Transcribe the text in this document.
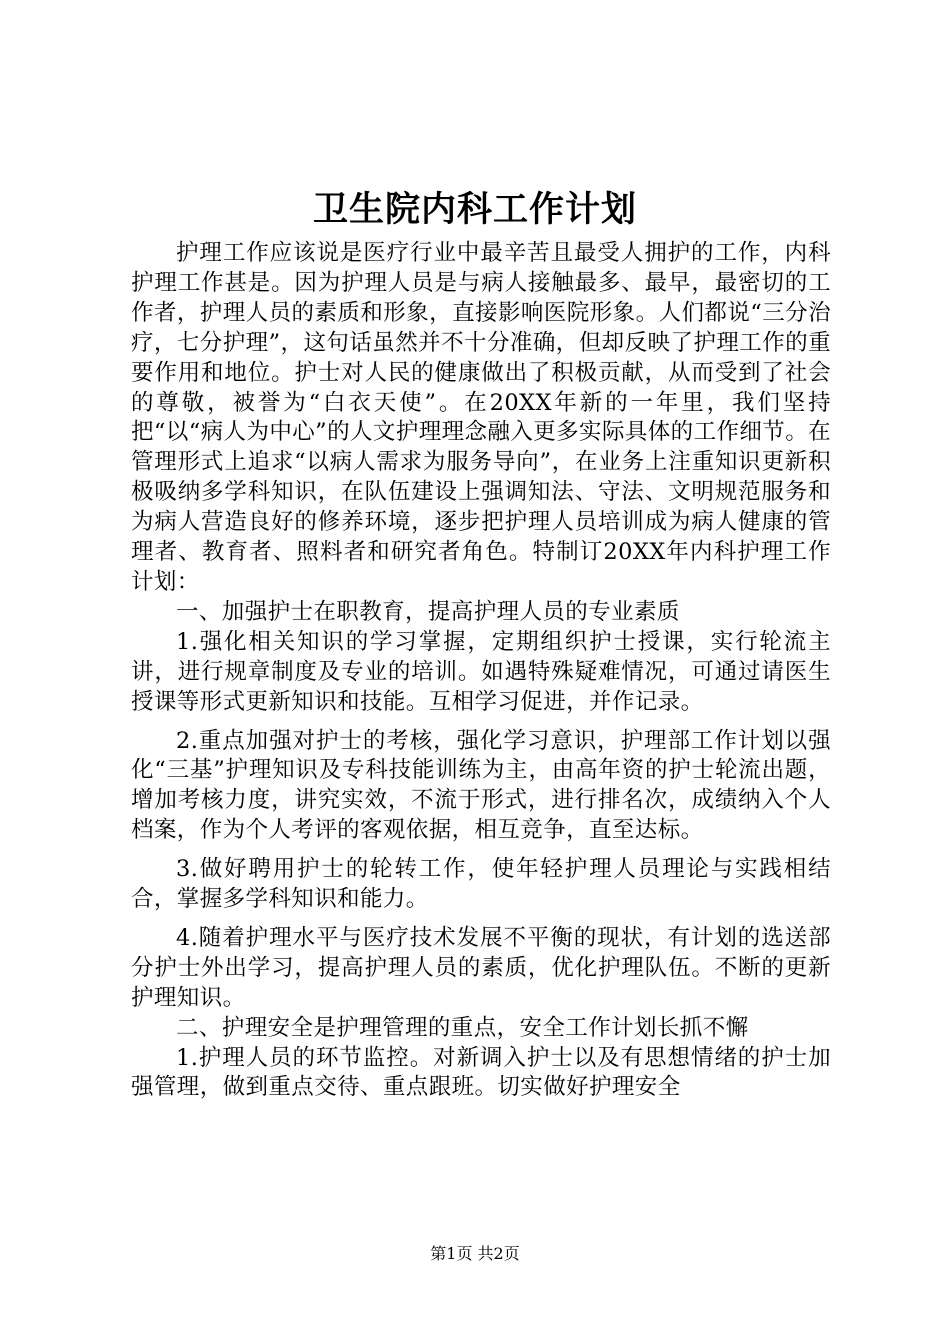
卫生院内科工作计划

护理工作应该说是医疗行业中最辛苦且最受人拥护的工作，内科护理工作甚是。因为护理人员是与病人接触最多、最早，最密切的工作者，护理人员的素质和形象，直接影响医院形象。人们都说“三分治疗，七分护理”，这句话虽然并不十分准确，但却反映了护理工作的重要作用和地位。护士对人民的健康做出了积极贡献，从而受到了社会的尊敬，被誉为“白衣天使”。在20XX年新的一年里，我们坚持把“以“病人为中心”的人文护理理念融入更多实际具体的工作细节。在管理形式上追求“以病人需求为服务导向”，在业务上注重知识更新积极吸纳多学科知识，在队伍建设上强调知法、守法、文明规范服务和为病人营造良好的修养环境，逐步把护理人员培训成为病人健康的管理者、教育者、照料者和研究者角色。特制订20XX年内科护理工作计划：

一、加强护士在职教育，提高护理人员的专业素质

1.强化相关知识的学习掌握，定期组织护士授课，实行轮流主讲，进行规章制度及专业的培训。如遇特殊疑难情况，可通过请医生授课等形式更新知识和技能。互相学习促进，并作记录。

2.重点加强对护士的考核，强化学习意识，护理部工作计划以强化“三基”护理知识及专科技能训练为主，由高年资的护士轮流出题，增加考核力度，讲究实效，不流于形式，进行排名次，成绩纳入个人档案，作为个人考评的客观依据，相互竞争，直至达标。

3.做好聘用护士的轮转工作，使年轻护理人员理论与实践相结合，掌握多学科知识和能力。

4.随着护理水平与医疗技术发展不平衡的现状，有计划的选送部分护士外出学习，提高护理人员的素质，优化护理队伍。不断的更新护理知识。

二、护理安全是护理管理的重点，安全工作计划长抓不懈

1.护理人员的环节监控。对新调入护士以及有思想情绪的护士加强管理，做到重点交待、重点跟班。切实做好护理安全

第1页 共2页
